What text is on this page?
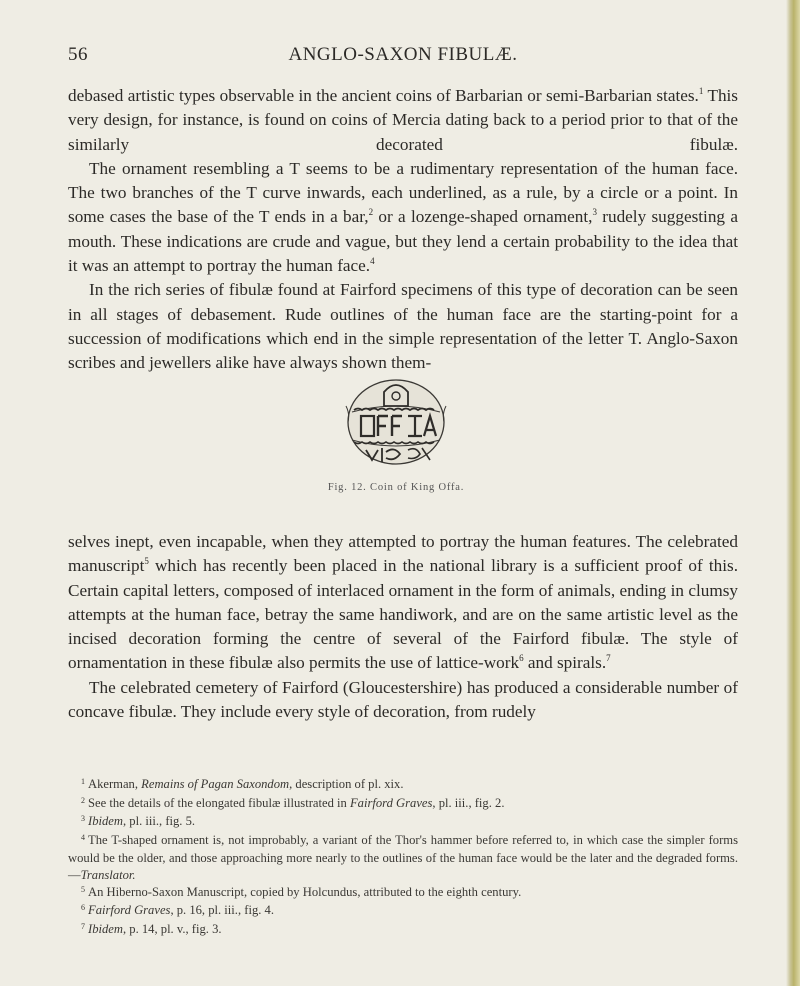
56	ANGLO-SAXON FIBULÆ.

debased artistic types observable in the ancient coins of Barbarian or semi-Barbarian states.$^1$ This very design, for instance, is found on coins of Mercia dating back to a period prior to that of the similarly decorated fibulæ.

The ornament resembling a T seems to be a rudimentary representation of the human face. The two branches of the T curve inwards, each underlined, as a rule, by a circle or a point. In some cases the base of the T ends in a bar,$^2$ or a lozenge-shaped ornament,$^3$ rudely suggesting a mouth. These indications are crude and vague, but they lend a certain probability to the idea that it was an attempt to portray the human face.$^4$

In the rich series of fibulæ found at Fairford specimens of this type of decoration can be seen in all stages of debasement. Rude outlines of the human face are the starting-point for a succession of modifications which end in the simple representation of the letter T. Anglo-Saxon scribes and jewellers alike have always shown them-

Fig. 12. Coin of King Offa.

selves inept, even incapable, when they attempted to portray the human features. The celebrated manuscript$^5$ which has recently been placed in the national library is a sufficient proof of this. Certain capital letters, composed of interlaced ornament in the form of animals, ending in clumsy attempts at the human face, betray the same handiwork, and are on the same artistic level as the incised decoration forming the centre of several of the Fairford fibulæ. The style of ornamentation in these fibulæ also permits the use of lattice-work$^6$ and spirals.$^7$

The celebrated cemetery of Fairford (Gloucestershire) has produced a considerable number of concave fibulæ. They include every style of decoration, from rudely

$^1$ Akerman, Remains of Pagan Saxondom, description of pl. xix.
$^2$ See the details of the elongated fibulæ illustrated in Fairford Graves, pl. iii., fig. 2.
$^3$ Ibidem, pl. iii., fig. 5.
$^4$ The T-shaped ornament is, not improbably, a variant of the Thor's hammer before referred to, in which case the simpler forms would be the older, and those approaching more nearly to the outlines of the human face would be the later and the degraded forms.—Translator.
$^5$ An Hiberno-Saxon Manuscript, copied by Holcundus, attributed to the eighth century.
$^6$ Fairford Graves, p. 16, pl. iii., fig. 4.
$^7$ Ibidem, p. 14, pl. v., fig. 3.
